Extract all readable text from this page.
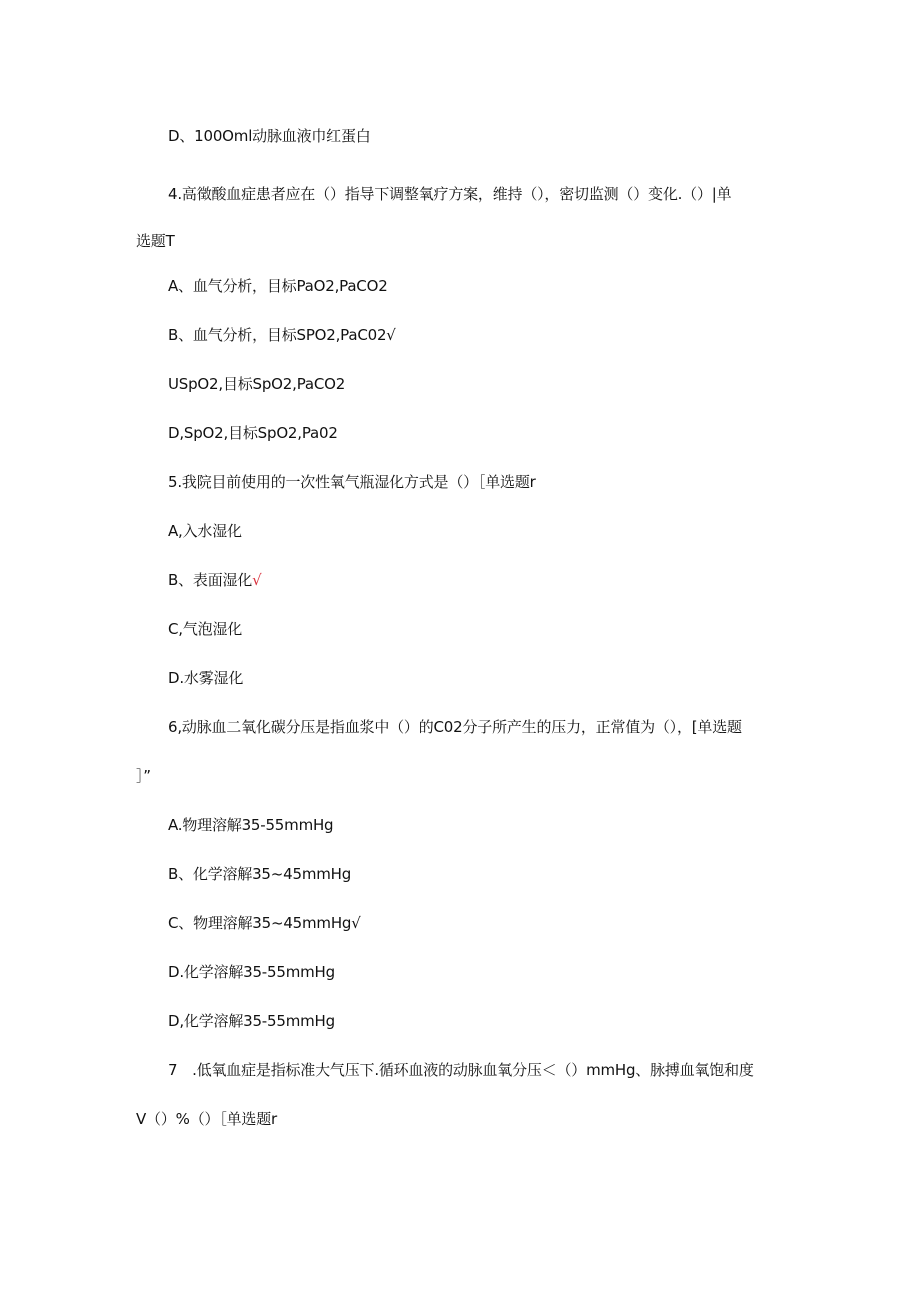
D、100Oml动脉血液巾红蛋白
4.高徵酸血症患者应在（）指导下调整氧疗方案，维持（），密切监测（）变化.（）|单
选题T
A、血气分析，目标PaO2,PaCO2
B、血气分析，目标SPO2,PaC02√
USpO2,目标SpO2,PaCO2
D,SpO2,目标SpO2,Pa02
5.我院目前使用的一次性氧气瓶湿化方式是（）［单选题r
A,入水湿化
B、表面湿化√
C,气泡湿化
D.水雾湿化
6,动脉血二氧化碳分压是指血浆中（）的C02分子所产生的压力，正常值为（），[单选题
］”
A.物理溶解35-55mmHg
B、化学溶解35~45mmHg
C、物理溶解35~45mmHg√
D.化学溶解35-55mmHg
D,化学溶解35-55mmHg
7　.低氧血症是指标准大气压下.循环血液的动脉血氧分压＜（）mmHg、脉搏血氧饱和度
V（）%（）［单选题r
